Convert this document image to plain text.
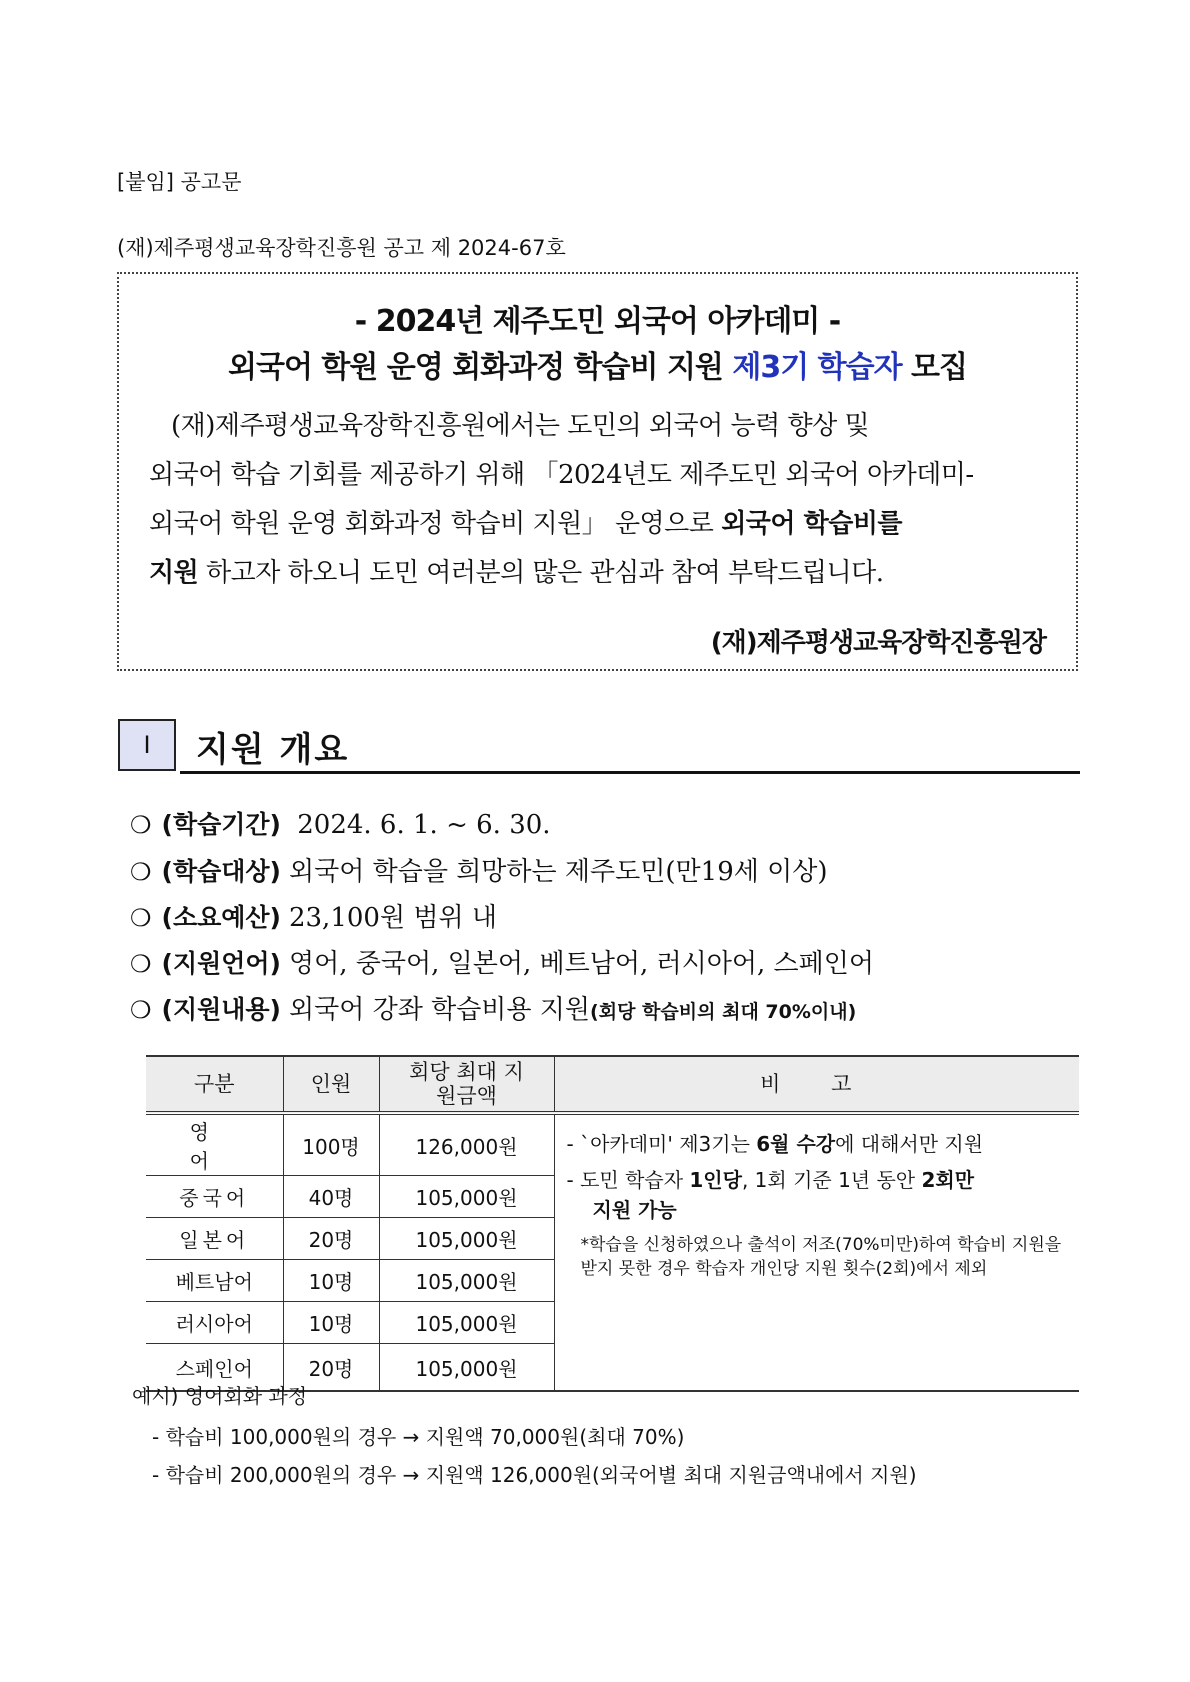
[붙임] 공고문
(재)제주평생교육장학진흥원 공고 제 2024-67호
- 2024년 제주도민 외국어 아카데미 -
외국어 학원 운영 회화과정 학습비 지원 제3기 학습자 모집
(재)제주평생교육장학진흥원에서는 도민의 외국어 능력 향상 및
외국어 학습 기회를 제공하기 위해 「2024년도 제주도민 외국어 아카데미-
외국어 학원 운영 회화과정 학습비 지원」 운영으로 외국어 학습비를
지원 하고자 하오니 도민 여러분의 많은 관심과 참여 부탁드립니다.
(재)제주평생교육장학진흥원장
Ⅰ	지원 개요
❍ (학습기간) 2024. 6. 1. ~ 6. 30.
❍ (학습대상) 외국어 학습을 희망하는 제주도민(만19세 이상)
❍ (소요예산) 23,100원 범위 내
❍ (지원언어) 영어, 중국어, 일본어, 베트남어, 러시아어, 스페인어
❍ (지원내용) 외국어 강좌 학습비용 지원(회당 학습비의 최대 70%이내)
구분	인원	회당 최대 지원금액	비 고
영 어	100명	126,000원	- `아카데미' 제3기는 6월 수강에 대해서만 지원
- 도민 학습자 1인당, 1회 기준 1년 동안 2회만
지원 가능
*학습을 신청하였으나 출석이 저조(70%미만)하여 학습비 지원을 받지 못한 경우 학습자 개인당 지원 횟수(2회)에서 제외

중국어	40명	105,000원	
일본어	20명	105,000원	
베트남어	10명	105,000원	
러시아어	10명	105,000원	
스페인어	20명	105,000원	
예시) 영어회화 과정
- 학습비 100,000원의 경우 → 지원액 70,000원(최대 70%)
- 학습비 200,000원의 경우 → 지원액 126,000원(외국어별 최대 지원금액내에서 지원)
